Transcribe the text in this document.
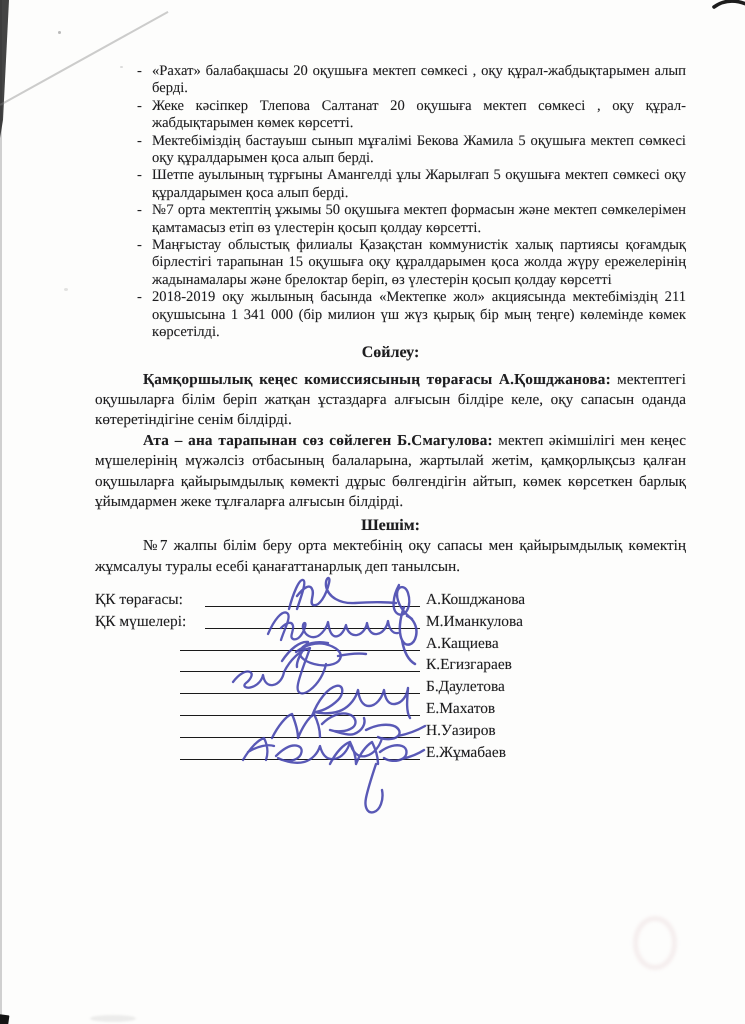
- «Рахат» балабақшасы 20 оқушыға мектеп сөмкесі , оқу құрал-жабдықтарымен алып берді.
- Жеке кәсіпкер Тлепова Салтанат 20 оқушыға мектеп сөмкесі , оқу құрал-жабдықтарымен көмек көрсетті.
- Мектебіміздің бастауыш сынып мұғалімі Бекова Жамила 5 оқушыға мектеп сөмкесі оқу құралдарымен қоса алып берді.
- Шетпе ауылының тұрғыны Амангелді ұлы Жарылғап 5 оқушыға мектеп сөмкесі оқу құралдарымен қоса алып берді.
- №7 орта мектептің ұжымы 50 оқушыға мектеп формасын және мектеп сөмкелерімен қамтамасыз етіп өз үлестерін қосып қолдау көрсетті.
- Маңғыстау облыстық филиалы Қазақстан коммунистік халық партиясы қоғамдық бірлестігі тарапынан 15 оқушыға оқу құралдарымен қоса жолда жүру ережелерінің жадынамалары және брелоктар беріп, өз үлестерін қосып қолдау көрсетті
- 2018-2019 оқу жылының басында «Мектепке жол» акциясында мектебіміздің 211 оқушысына 1 341 000 (бір милион үш жүз қырық бір мың теңге) көлемінде көмек көрсетілді.
Сөйлеу:

Қамқоршылық кеңес комиссиясының төрағасы А.Қошджанова: мектептегі оқушыларға білім беріп жатқан ұстаздарға алғысын білдіре келе, оқу сапасын оданда көтеретіндігіне сенім білдірді.

Ата – ана тарапынан сөз сөйлеген Б.Смагулова: мектеп әкімшілігі мен кеңес мүшелерінің мүжәлсіз отбасының балаларына, жартылай жетім, қамқорлықсыз қалған оқушыларға қайырымдылық көмекті дұрыс бөлгендігін айтып, көмек көрсеткен барлық ұйымдармен жеке тұлғаларға алғысын білдірді.

Шешім:

№7 жалпы білім беру орта мектебінің оқу сапасы мен қайырымдылық көмектің жұмсалуы туралы есебі қанағаттанарлық деп танылсын.

ҚК төрағасы:	А.Кошджанова
ҚК мүшелері:	М.Иманкулова
А.Кащиева
К.Егизгараев
Б.Даулетова
Е.Махатов
Н.Уазиров
Е.Жұмабаев
